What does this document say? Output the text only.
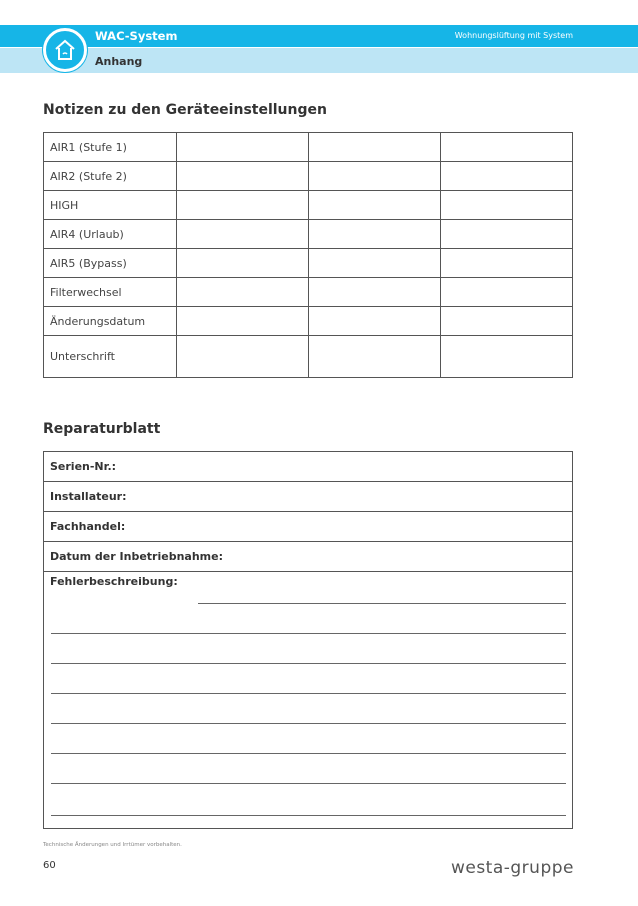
WAC-System	Wohnungslüftung mit System
Anhang
Notizen zu den Geräteeinstellungen
AIR1 (Stufe 1)			
AIR2 (Stufe 2)			
HIGH			
AIR4 (Urlaub)			
AIR5 (Bypass)			
Filterwechsel			
Änderungsdatum			
Unterschrift			
Reparaturblatt
Serien-Nr.:
Installateur:
Fachhandel:
Datum der Inbetriebnahme:
Fehlerbeschreibung:
Technische Änderungen und Irrtümer vorbehalten.
60	westa-gruppe
